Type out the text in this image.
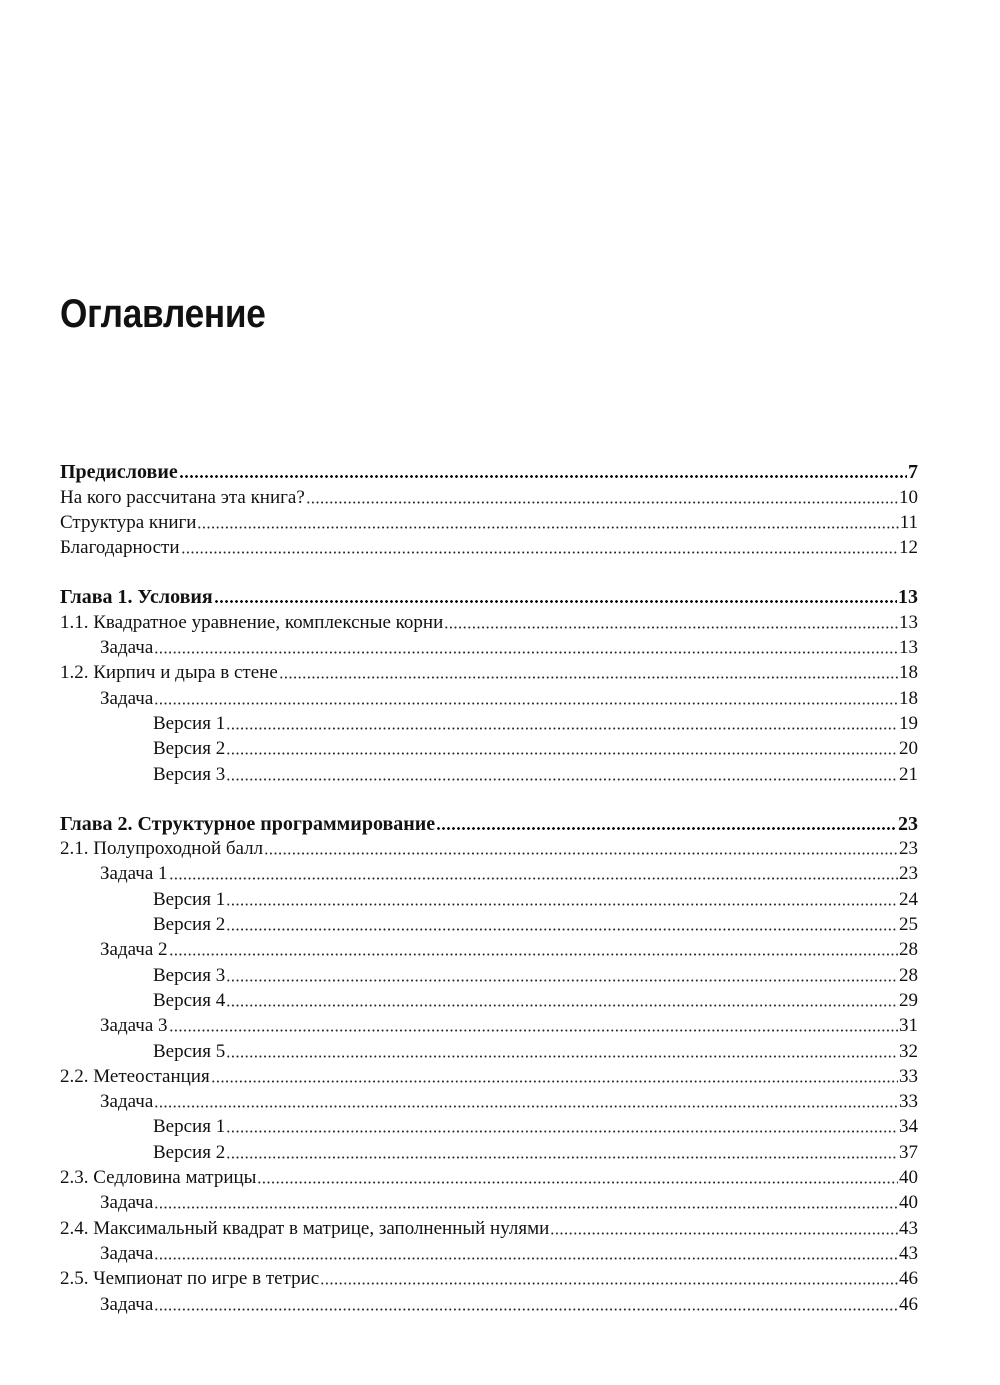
Оглавление
Предисловие	7
На кого рассчитана эта книга?	10
Структура книги	11
Благодарности	12
Глава 1. Условия	13
1.1. Квадратное уравнение, комплексные корни	13
Задача	13
1.2. Кирпич и дыра в стене	18
Задача	18
Версия 1	19
Версия 2	20
Версия 3	21
Глава 2. Структурное программирование	23
2.1. Полупроходной балл	23
Задача 1	23
Версия 1	24
Версия 2	25
Задача 2	28
Версия 3	28
Версия 4	29
Задача 3	31
Версия 5	32
2.2. Метеостанция	33
Задача	33
Версия 1	34
Версия 2	37
2.3. Седловина матрицы	40
Задача	40
2.4. Максимальный квадрат в матрице, заполненный нулями	43
Задача	43
2.5. Чемпионат по игре в тетрис	46
Задача	46
